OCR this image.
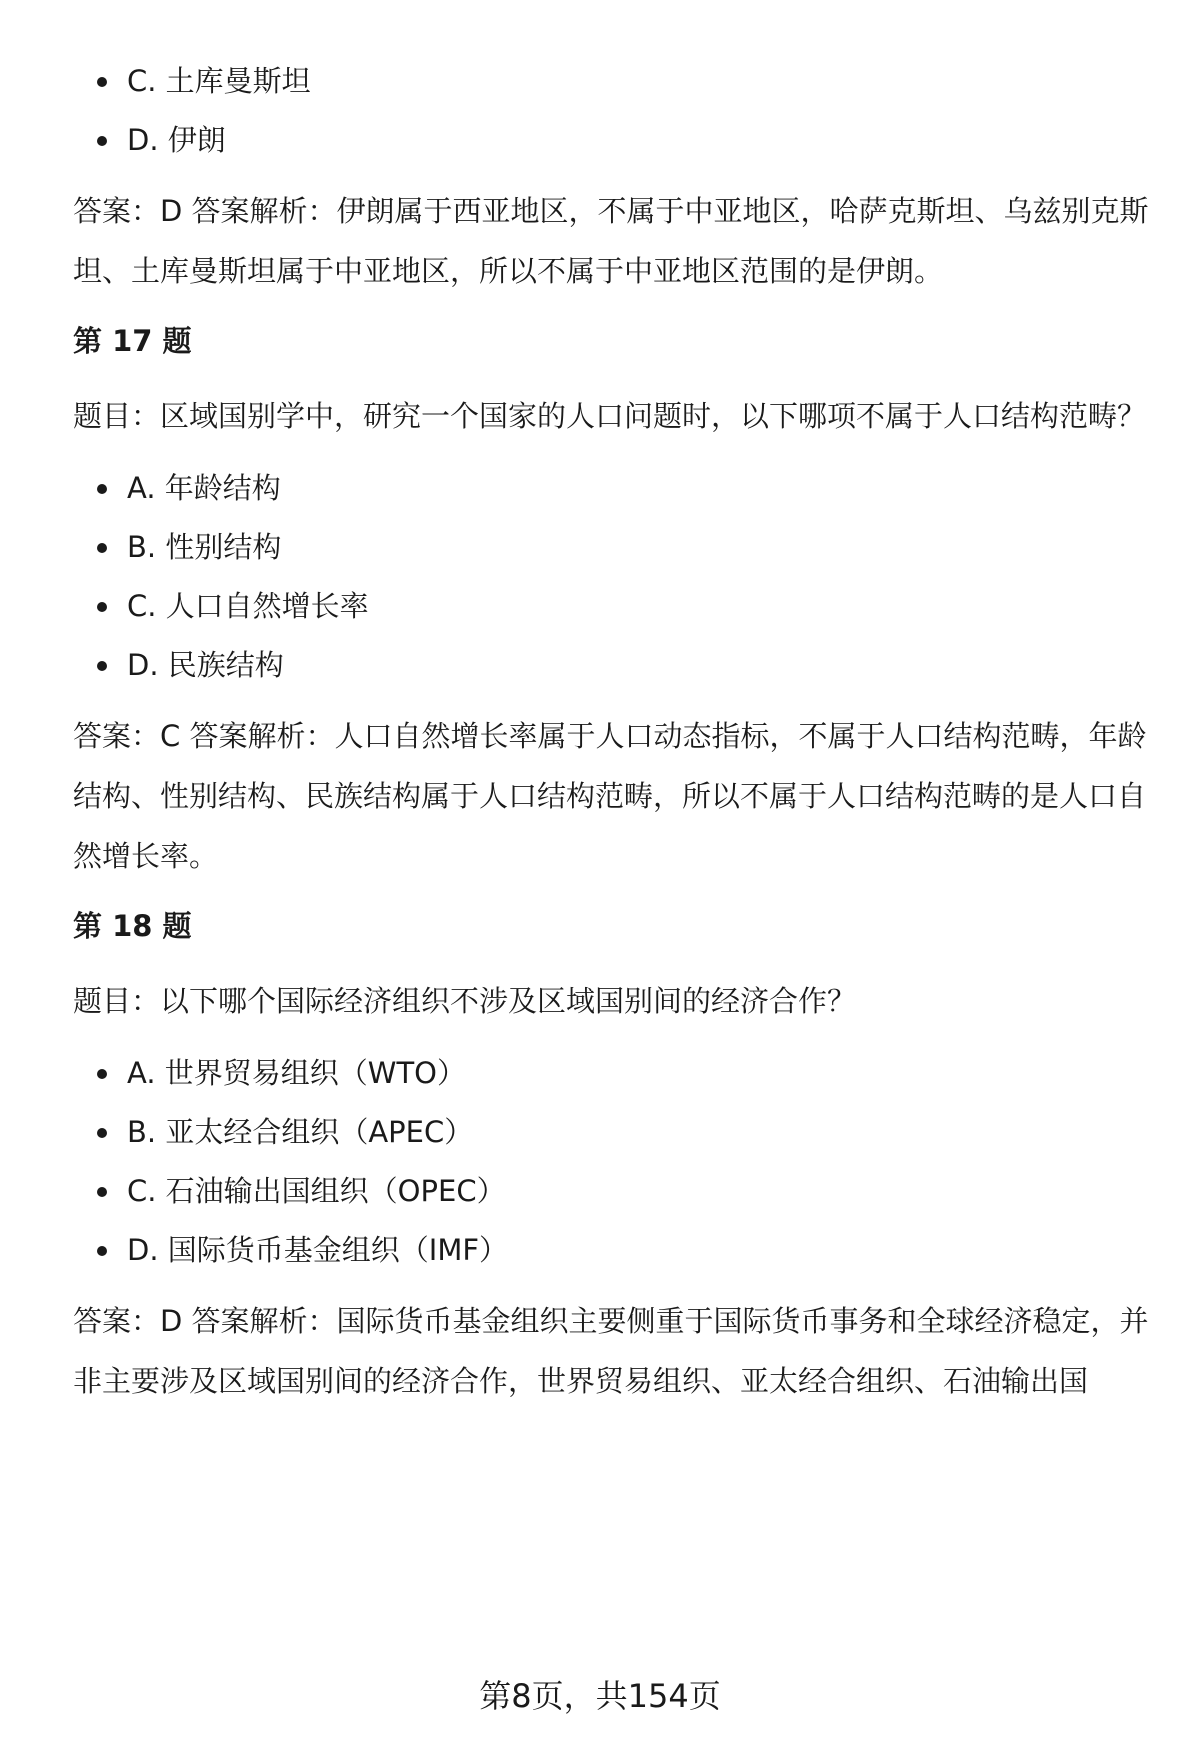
C. 土库曼斯坦
D. 伊朗

答案：D 答案解析：伊朗属于西亚地区，不属于中亚地区，哈萨克斯坦、乌兹别克斯坦、土库曼斯坦属于中亚地区，所以不属于中亚地区范围的是伊朗。

第 17 题

题目：区域国别学中，研究一个国家的人口问题时，以下哪项不属于人口结构范畴？

A. 年龄结构
B. 性别结构
C. 人口自然增长率
D. 民族结构

答案：C 答案解析：人口自然增长率属于人口动态指标，不属于人口结构范畴，年龄结构、性别结构、民族结构属于人口结构范畴，所以不属于人口结构范畴的是人口自然增长率。

第 18 题

题目：以下哪个国际经济组织不涉及区域国别间的经济合作？

A. 世界贸易组织（WTO）
B. 亚太经合组织（APEC）
C. 石油输出国组织（OPEC）
D. 国际货币基金组织（IMF）

答案：D 答案解析：国际货币基金组织主要侧重于国际货币事务和全球经济稳定，并非主要涉及区域国别间的经济合作，世界贸易组织、亚太经合组织、石油输出国

第8页，共154页
